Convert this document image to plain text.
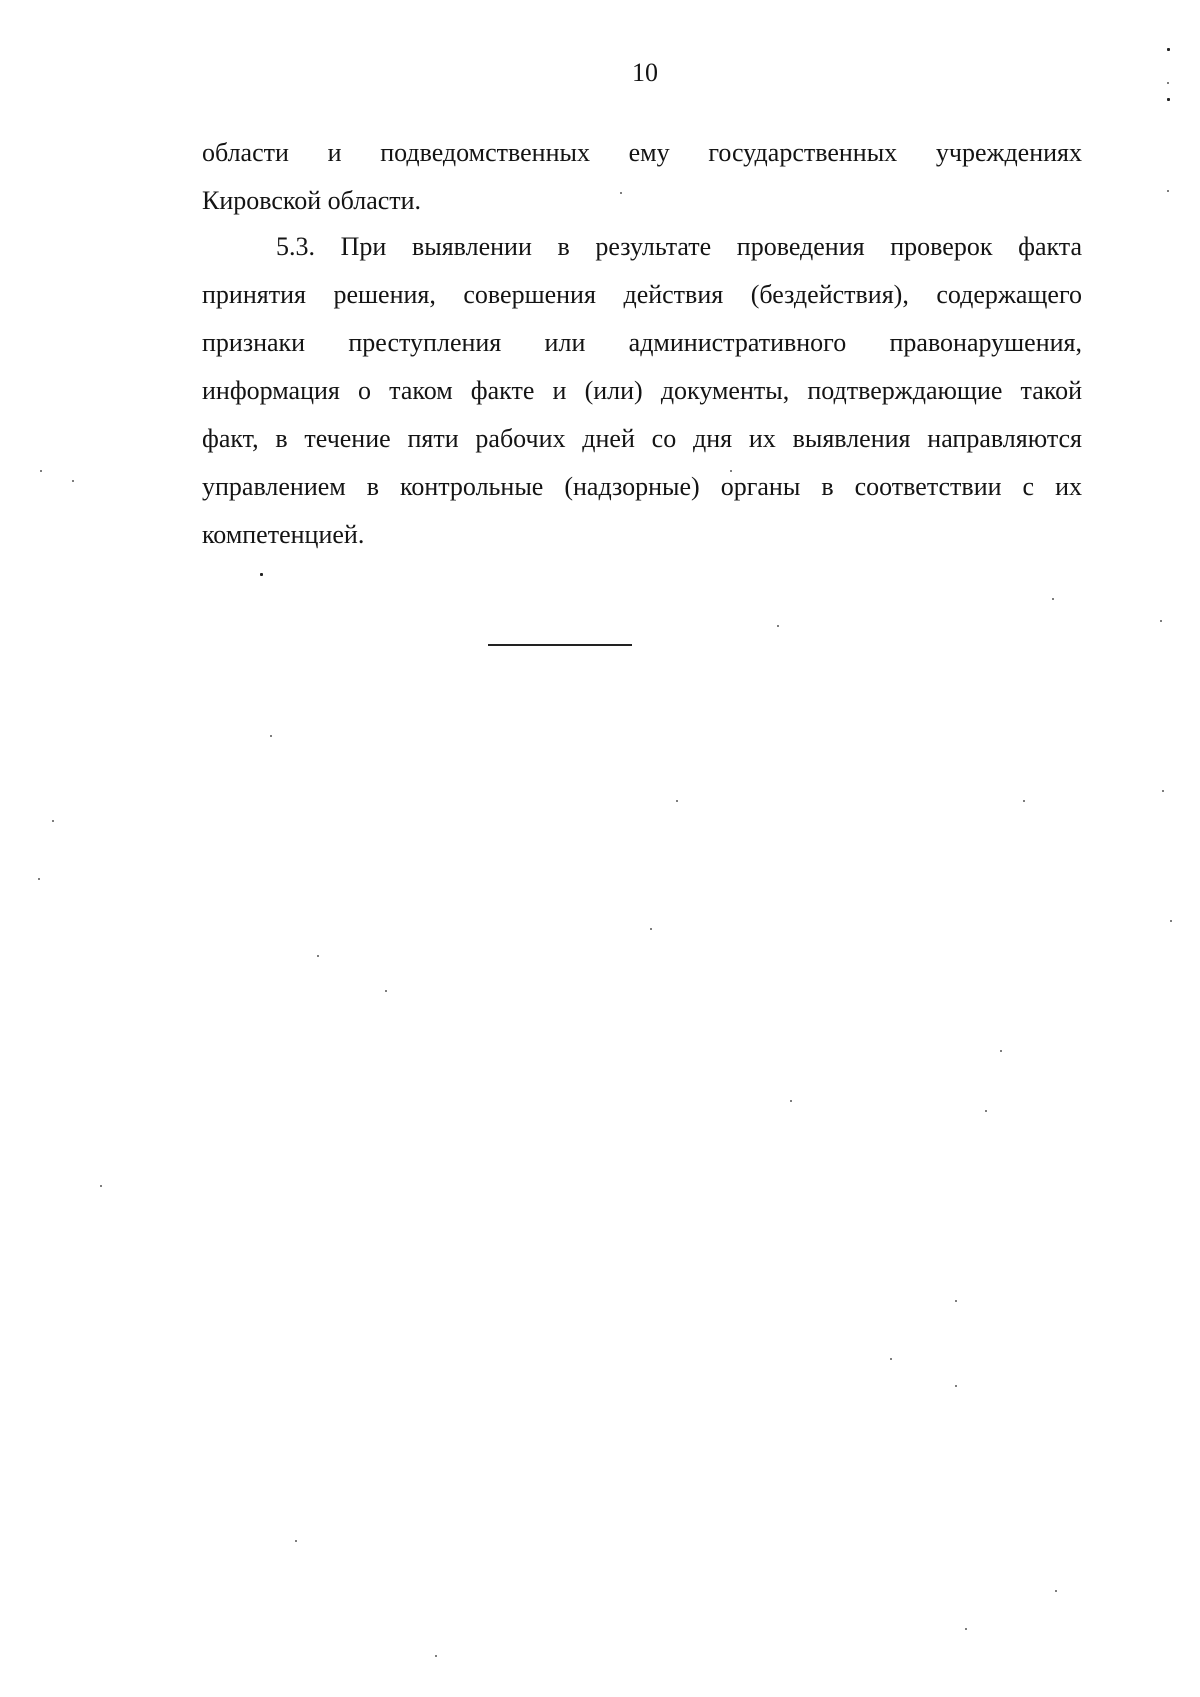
10
области и подведомственных ему государственных учреждениях
Кировской области.
5.3. При выявлении в результате проведения проверок факта
принятия решения, совершения действия (бездействия), содержащего
признаки преступления или административного правонарушения,
информация о таком факте и (или) документы, подтверждающие такой
факт, в течение пяти рабочих дней со дня их выявления направляются
управлением в контрольные (надзорные) органы в соответствии с их
компетенцией.
